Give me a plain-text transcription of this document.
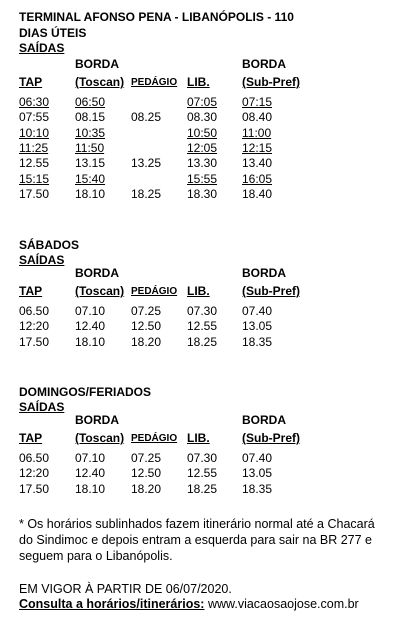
TERMINAL AFONSO PENA - LIBANÓPOLIS - 110
DIAS ÚTEIS
SAÍDAS
BORDA	BORDA
TAP	(Toscan) PEDÁGIO LIB.	(Sub-Pref)
06:30 06:50	07:05 07:15
07:55 08.15 08.25 08.30 08.40
10:10 10:35	10:50 11:00
11:25 11:50	12:05 12:15
12.55 13.15 13.25 13.30 13.40
15:15 15:40	15:55 16:05
17.50 18.10 18.25 18.30 18.40
SÁBADOS
SAÍDAS
BORDA	BORDA
TAP	(Toscan) PEDÁGIO LIB.	(Sub-Pref)
06.50 07.10 07.25 07.30 07.40
12:20 12.40 12.50 12.55 13.05
17.50 18.10 18.20 18.25 18.35
DOMINGOS/FERIADOS
SAÍDAS
BORDA	BORDA
TAP	(Toscan) PEDÁGIO LIB.	(Sub-Pref)
06.50 07.10 07.25 07.30 07.40
12:20 12.40 12.50 12.55 13.05
17.50 18.10 18.20 18.25 18.35
* Os horários sublinhados fazem itinerário normal até a Chacará do Sindimoc e depois entram a esquerda para sair na BR 277 e seguem para o Libanópolis.
EM VIGOR À PARTIR DE 06/07/2020.
Consulta a horários/itinerários: www.viacaosaojose.com.br
